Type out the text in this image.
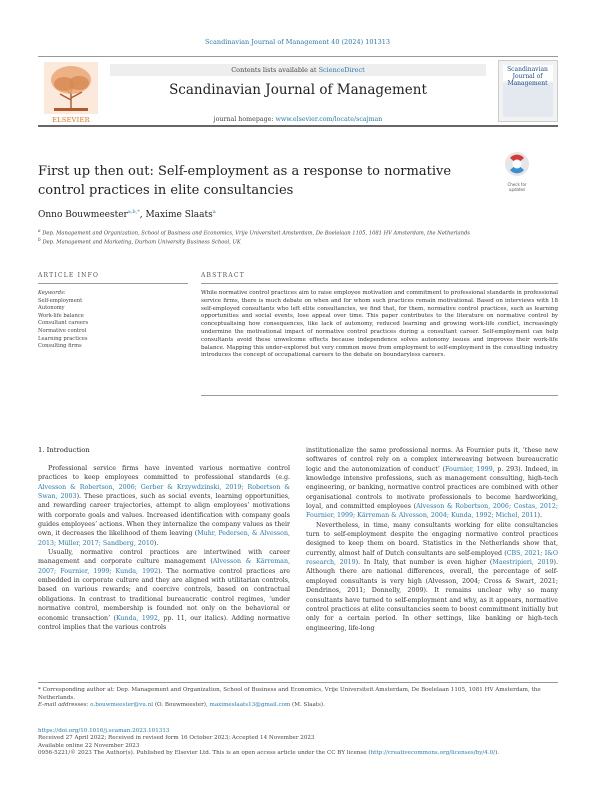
Scandinavian Journal of Management 40 (2024) 101313
ELSEVIER
Contents lists available at ScienceDirect
Scandinavian Journal of Management
journal homepage: www.elsevier.com/locate/scajman
Scandinavian Journal of Management
First up then out: Self-employment as a response to normative control practices in elite consultancies	Check for updates
Onno Bouwmeester$^{a,b,*}$, Maxime Slaats$^a$
$^a$ Dep. Management and Organization, School of Business and Economics, Vrije Universiteit Amsterdam, De Boelelaan 1105, 1081 HV Amsterdam, the Netherlands
$^b$ Dep. Management and Marketing, Durham University Business School, UK
ARTICLE INFO	ABSTRACT
Keywords:
Self-employment
Autonomy
Work-life balance
Consultant careers
Normative control
Learning practices
Consulting firms
While normative control practices aim to raise employee motivation and commitment to professional standards in professional service firms, there is much debate on when and for whom such practices remain motivational. Based on interviews with 18 self-employed consultants who left elite consultancies, we find that, for them, normative control practices, such as learning opportunities and social events, lose appeal over time. This paper contributes to the literature on normative control by conceptualising how consequences, like lack of autonomy, reduced learning and growing work-life conflict, increasingly undermine the motivational impact of normative control practices during a consultant career. Self-employment can help consultants avoid these unwelcome effects because independence solves autonomy issues and improves their work-life balance. Mapping this under-explored but very common move from employment to self-employment in the consulting industry introduces the concept of occupational careers to the debate on boundaryless careers.
1. Introduction

Professional service firms have invented various normative control practices to keep employees committed to professional standards (e.g. Alvesson & Robertson, 2006; Gerber & Krzywdzinski, 2019; Robertson & Swan, 2003). These practices, such as social events, learning opportunities, and rewarding career trajectories, attempt to align employees’ motivations with corporate goals and values. Increased identification with company goals guides employees’ actions. When they internalize the company values as their own, it decreases the likelihood of them leaving (Muhr, Pedersen, & Alvesson, 2013; Müller, 2017; Sandberg, 2010).

Usually, normative control practices are intertwined with career management and corporate culture management (Alvesson & Kärreman, 2007; Fournier, 1999; Kunda, 1992). The normative control practices are embedded in corporate culture and they are aligned with utilitarian controls, based on various rewards; and coercive controls, based on contractual obligations. In contrast to traditional bureaucratic control regimes, ‘under normative control, membership is founded not only on the behavioral or economic transaction’ (Kunda, 1992, pp. 11, our italics). Adding normative control implies that the various controls

institutionalize the same professional norms. As Fournier puts it, ‘these new softwares of control rely on a complex interweaving between bureaucratic logic and the autonomization of conduct’ (Fournier, 1999, p. 293). Indeed, in knowledge intensive professions, such as management consulting, high-tech engineering, or banking, normative control practices are combined with other organisational controls to motivate professionals to become hardworking, loyal, and committed employees (Alvesson & Robertson, 2006; Costas, 2012; Fournier, 1999; Kärreman & Alvesson, 2004; Kunda, 1992; Michel, 2011).

Nevertheless, in time, many consultants working for elite consultancies turn to self-employment despite the engaging normative control practices designed to keep them on board. Statistics in the Netherlands show that, currently, almost half of Dutch consultants are self-employed (CBS, 2021; I&O research, 2019). In Italy, that number is even higher (Maestripieri, 2019). Although there are national differences, overall, the percentage of self-employed consultants is very high (Alvesson, 2004; Cross & Swart, 2021; Dendrinos, 2011; Donnelly, 2009). It remains unclear why so many consultants have turned to self-employment and why, as it appears, normative control practices at elite consultancies seem to boost commitment initially but only for a certain period. In other settings, like banking or high-tech engineering, life-long

* Corresponding author at: Dep. Management and Organization, School of Business and Economics, Vrije Universiteit Amsterdam, De Boelelaan 1105, 1081 HV Amsterdam, the Netherlands.
E-mail addresses: o.bouwmeester@vu.nl (O. Bouwmeester), maximeslaats13@gmail.com (M. Slaats).
https://doi.org/10.1016/j.scaman.2023.101313
Received 27 April 2022; Received in revised form 16 October 2023; Accepted 14 November 2023
Available online 22 November 2023
0956-5221/© 2023 The Author(s). Published by Elsevier Ltd. This is an open access article under the CC BY license (http://creativecommons.org/licenses/by/4.0/).
